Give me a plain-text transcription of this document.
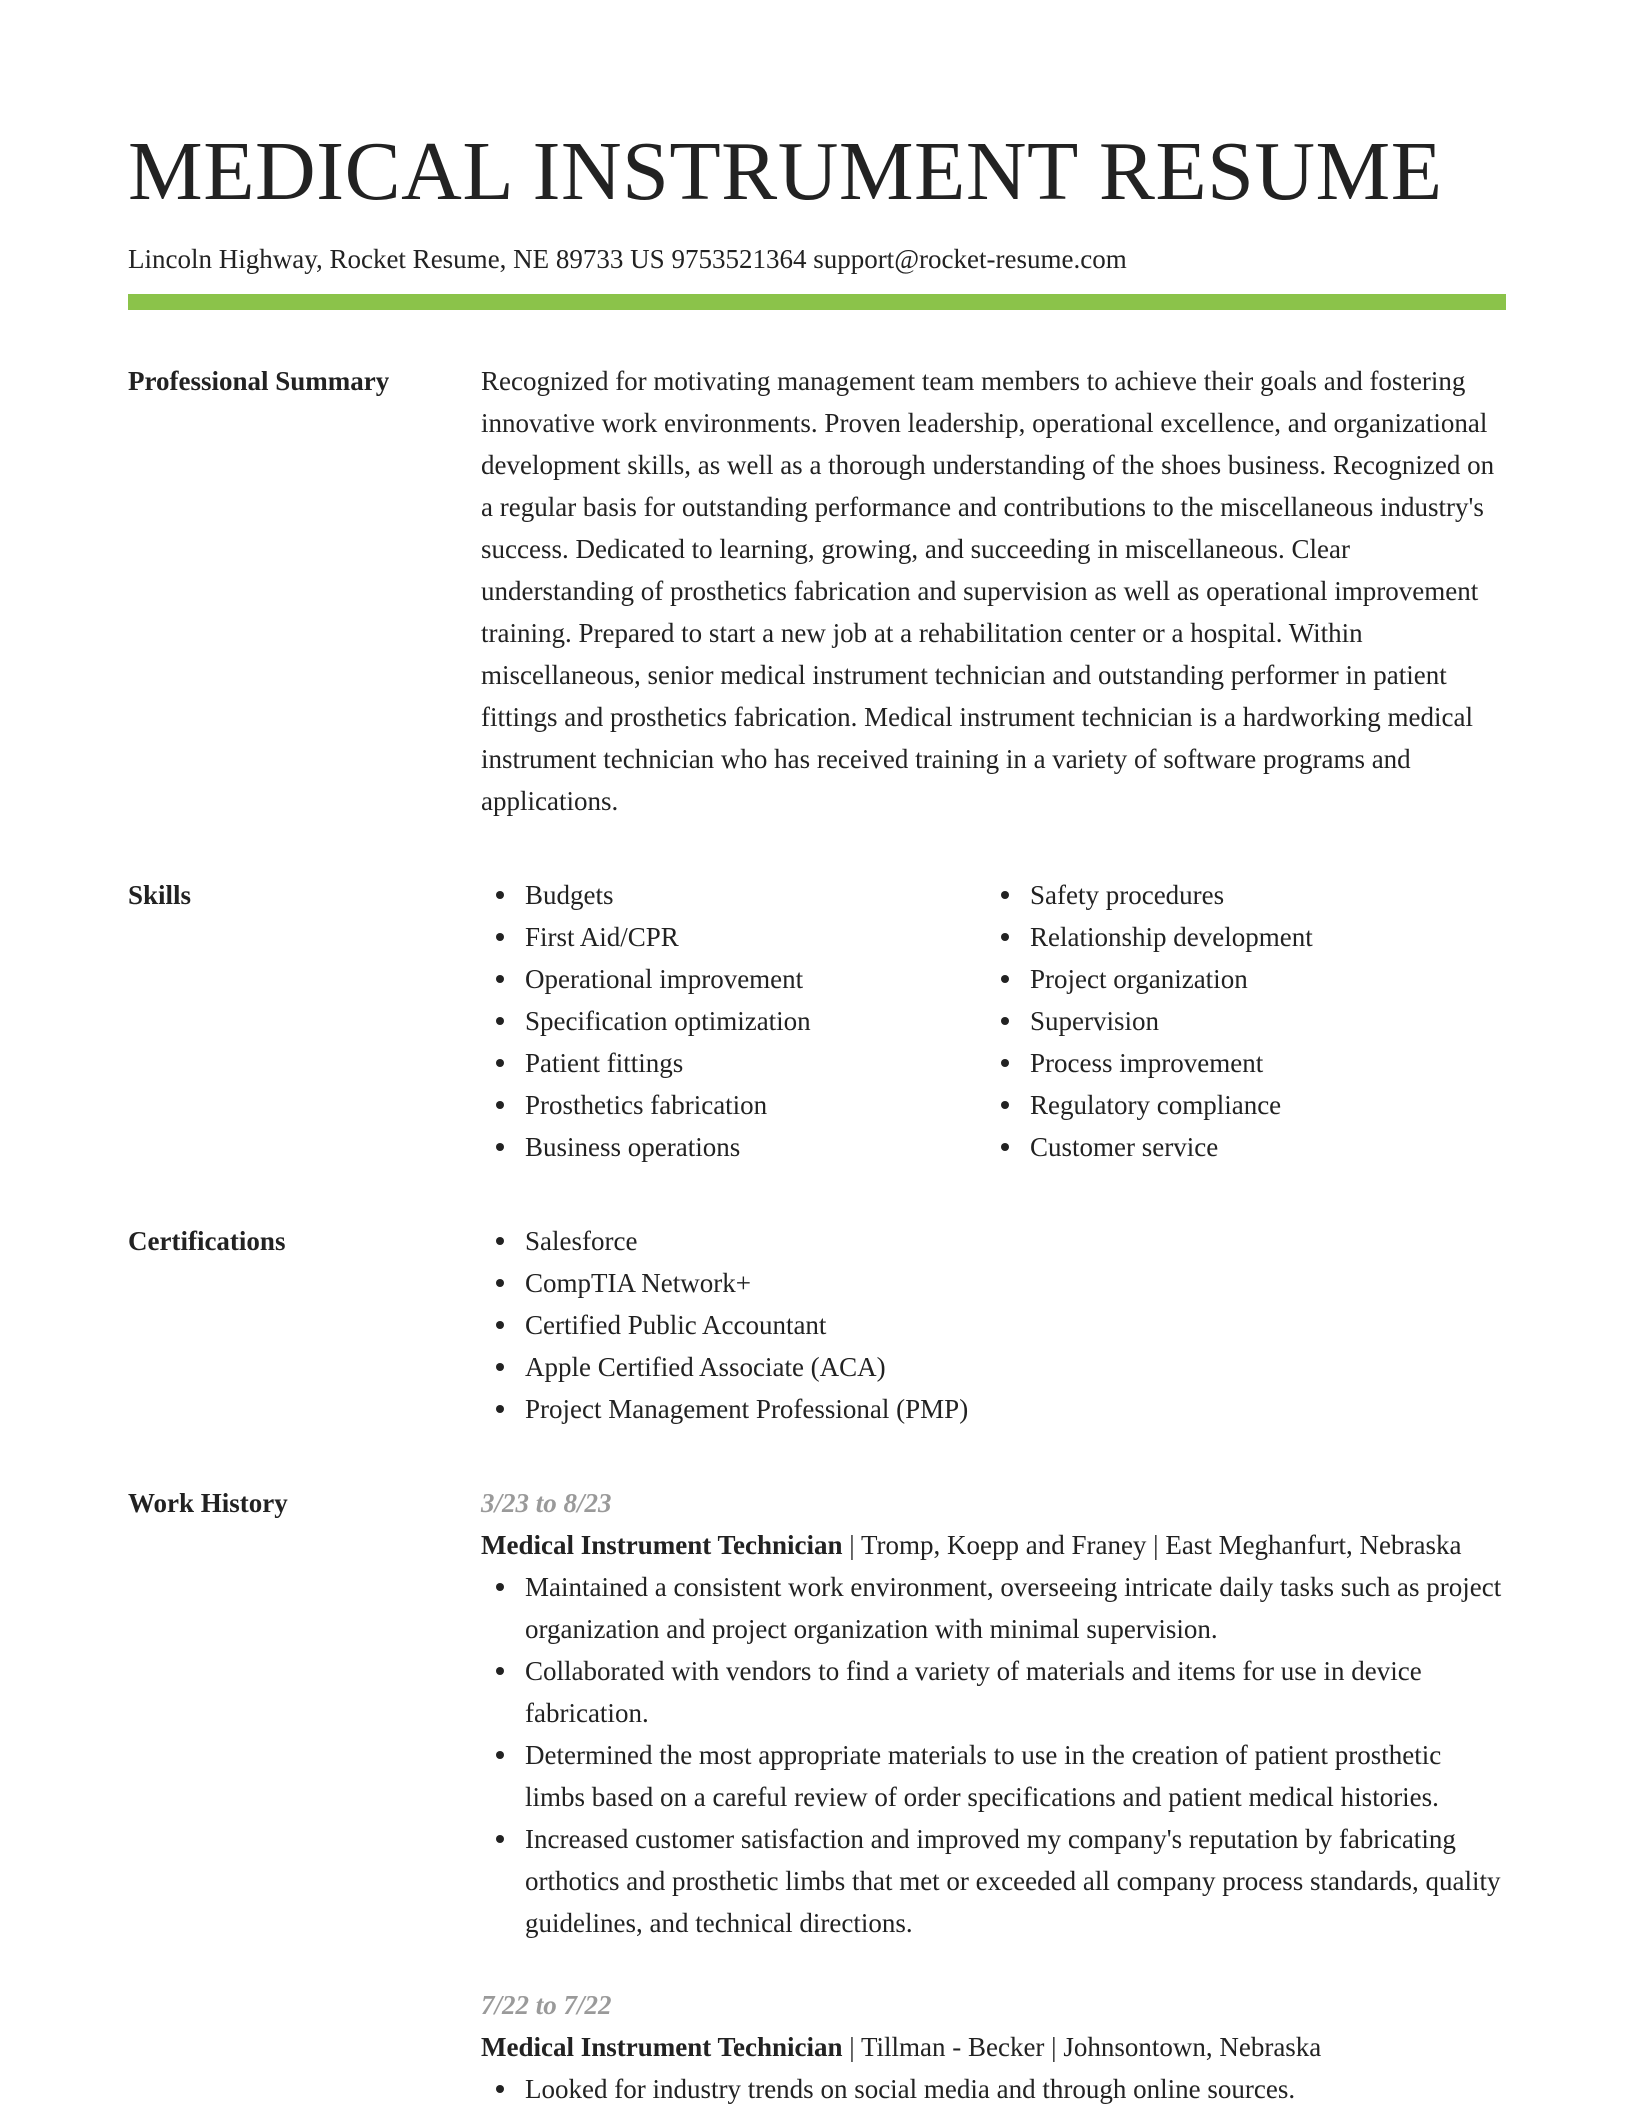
MEDICAL INSTRUMENT RESUME
Lincoln Highway, Rocket Resume, NE 89733 US 9753521364 support@rocket-resume.com
Professional Summary	Recognized for motivating management team members to achieve their goals and fostering innovative work environments. Proven leadership, operational excellence, and organizational development skills, as well as a thorough understanding of the shoes business. Recognized on a regular basis for outstanding performance and contributions to the miscellaneous industry's success. Dedicated to learning, growing, and succeeding in miscellaneous. Clear understanding of prosthetics fabrication and supervision as well as operational improvement training. Prepared to start a new job at a rehabilitation center or a hospital. Within miscellaneous, senior medical instrument technician and outstanding performer in patient fittings and prosthetics fabrication. Medical instrument technician is a hardworking medical instrument technician who has received training in a variety of software programs and applications.

Skills	Budgets
First Aid/CPR
Operational improvement
Specification optimization
Patient fittings
Prosthetics fabrication
Business operations
Safety procedures
Relationship development
Project organization
Supervision
Process improvement
Regulatory compliance
Customer service
Certifications	Salesforce
CompTIA Network+
Certified Public Accountant
Apple Certified Associate (ACA)
Project Management Professional (PMP)
Work History	3/23 to 8/23
Medical Instrument Technician | Tromp, Koepp and Franey | East Meghanfurt, Nebraska
Maintained a consistent work environment, overseeing intricate daily tasks such as project organization and project organization with minimal supervision.
Collaborated with vendors to find a variety of materials and items for use in device fabrication.
Determined the most appropriate materials to use in the creation of patient prosthetic limbs based on a careful review of order specifications and patient medical histories.
Increased customer satisfaction and improved my company's reputation by fabricating orthotics and prosthetic limbs that met or exceeded all company process standards, quality guidelines, and technical directions.
7/22 to 7/22
Medical Instrument Technician | Tillman - Becker | Johnsontown, Nebraska
Looked for industry trends on social media and through online sources.
